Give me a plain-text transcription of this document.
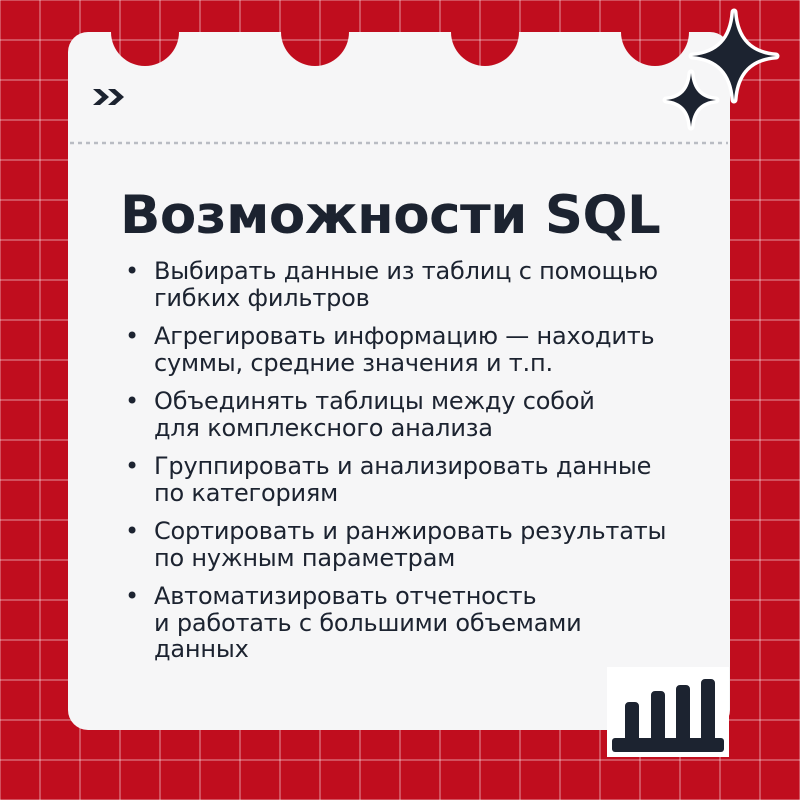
Возможности SQL
• Выбирать данные из таблиц с помощью
гибких фильтров
• Агрегировать информацию — находить
суммы, средние значения и т.п.
• Объединять таблицы между собой
для комплексного анализа
• Группировать и анализировать данные
по категориям
• Сортировать и ранжировать результаты
по нужным параметрам
• Автоматизировать отчетность
и работать с большими объемами
данных
